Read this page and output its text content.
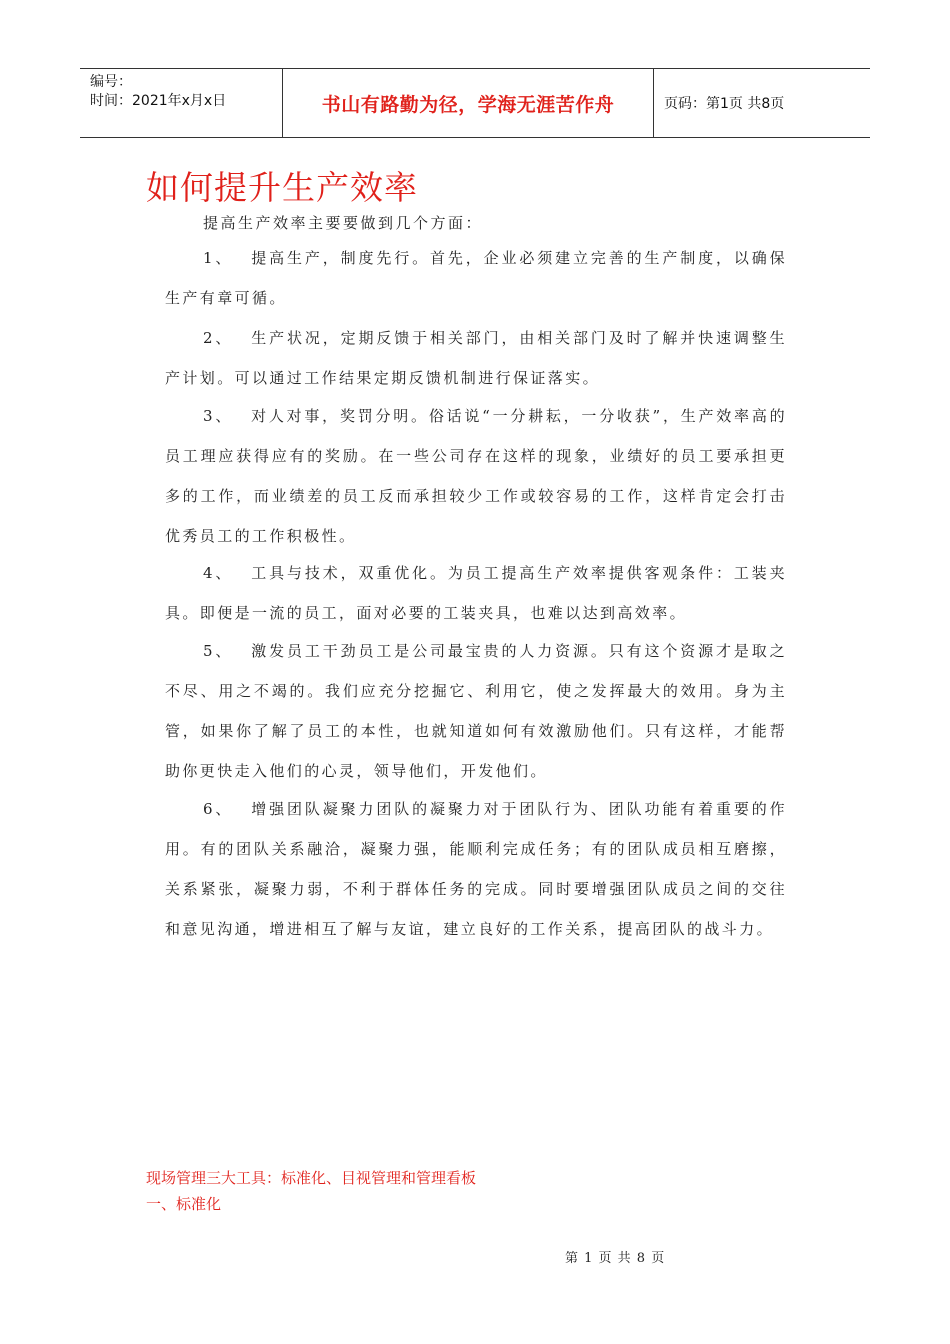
编号：
时间：2021年x月x日	书山有路勤为径，学海无涯苦作舟	页码：第1页 共8页
如何提升生产效率
提高生产效率主要要做到几个方面：
1、 提高生产，制度先行。首先，企业必须建立完善的生产制度，以确保生产有章可循。
2、 生产状况，定期反馈于相关部门，由相关部门及时了解并快速调整生产计划。可以通过工作结果定期反馈机制进行保证落实。
3、 对人对事，奖罚分明。俗话说“一分耕耘，一分收获”，生产效率高的员工理应获得应有的奖励。在一些公司存在这样的现象，业绩好的员工要承担更多的工作，而业绩差的员工反而承担较少工作或较容易的工作，这样肯定会打击优秀员工的工作积极性。
4、 工具与技术，双重优化。为员工提高生产效率提供客观条件：工装夹具。即便是一流的员工，面对必要的工装夹具，也难以达到高效率。
5、 激发员工干劲员工是公司最宝贵的人力资源。只有这个资源才是取之不尽、用之不竭的。我们应充分挖掘它、利用它，使之发挥最大的效用。身为主管，如果你了解了员工的本性，也就知道如何有效激励他们。只有这样，才能帮助你更快走入他们的心灵，领导他们，开发他们。
6、 增强团队凝聚力团队的凝聚力对于团队行为、团队功能有着重要的作用。有的团队关系融洽，凝聚力强，能顺利完成任务；有的团队成员相互磨擦，关系紧张，凝聚力弱，不利于群体任务的完成。同时要增强团队成员之间的交往和意见沟通，增进相互了解与友谊，建立良好的工作关系，提高团队的战斗力。
现场管理三大工具：标准化、目视管理和管理看板
一、标准化
第 1 页 共 8 页
